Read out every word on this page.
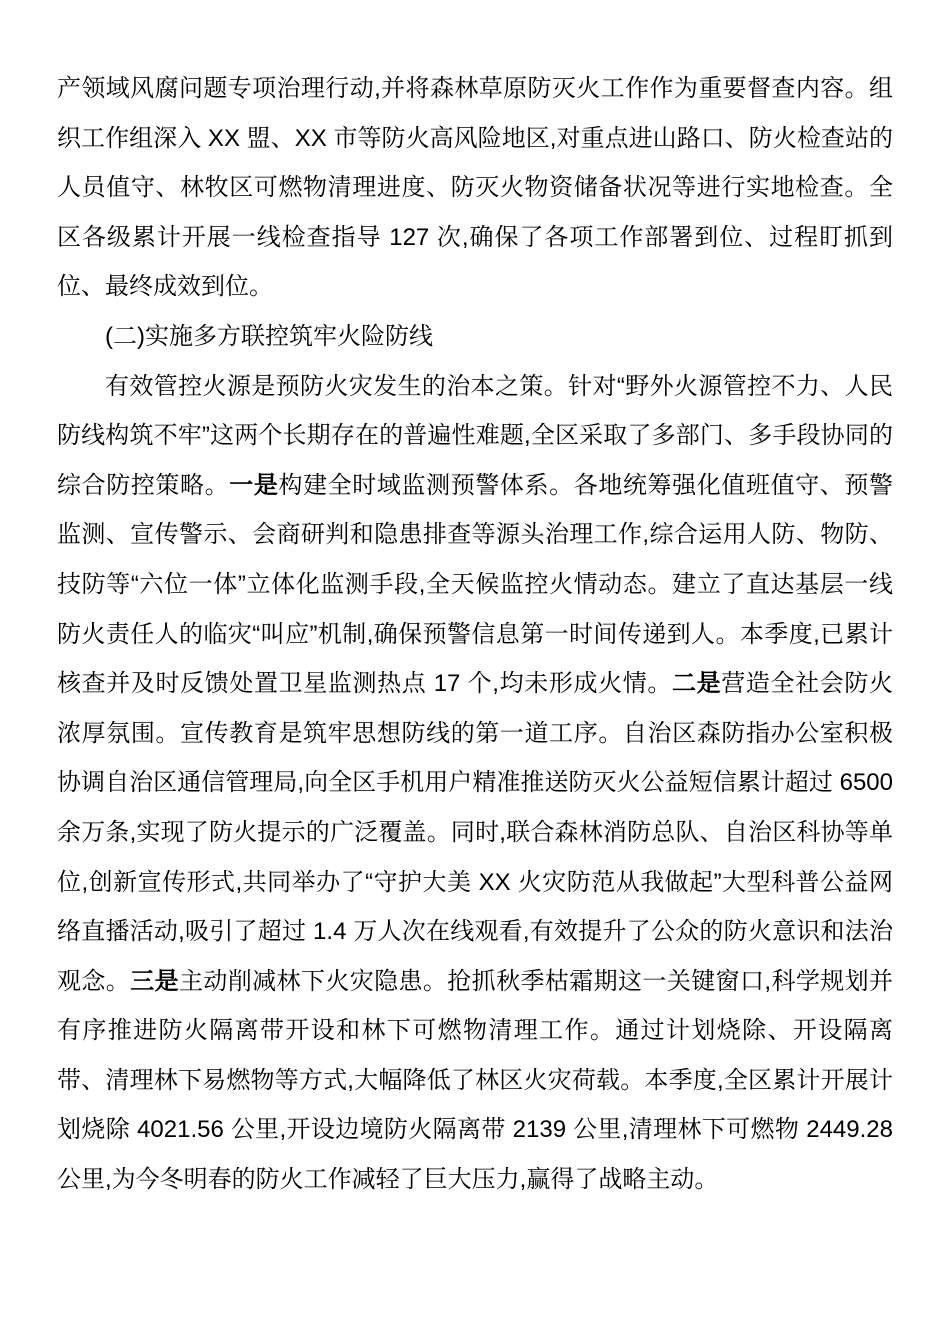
产领域风腐问题专项治理行动,并将森林草原防灭火工作作为重要督查内容。组织工作组深入 XX 盟、XX 市等防火高风险地区,对重点进山路口、防火检查站的人员值守、林牧区可燃物清理进度、防灭火物资储备状况等进行实地检查。全区各级累计开展一线检查指导 127 次,确保了各项工作部署到位、过程盯抓到位、最终成效到位。

(二)实施多方联控筑牢火险防线

有效管控火源是预防火灾发生的治本之策。针对“野外火源管控不力、人民防线构筑不牢”这两个长期存在的普遍性难题,全区采取了多部门、多手段协同的综合防控策略。一是构建全时域监测预警体系。各地统筹强化值班值守、预警监测、宣传警示、会商研判和隐患排查等源头治理工作,综合运用人防、物防、技防等“六位一体”立体化监测手段,全天候监控火情动态。建立了直达基层一线防火责任人的临灾“叫应”机制,确保预警信息第一时间传递到人。本季度,已累计核查并及时反馈处置卫星监测热点 17 个,均未形成火情。二是营造全社会防火浓厚氛围。宣传教育是筑牢思想防线的第一道工序。自治区森防指办公室积极协调自治区通信管理局,向全区手机用户精准推送防灭火公益短信累计超过 6500 余万条,实现了防火提示的广泛覆盖。同时,联合森林消防总队、自治区科协等单位,创新宣传形式,共同举办了“守护大美 XX 火灾防范从我做起”大型科普公益网络直播活动,吸引了超过 1.4 万人次在线观看,有效提升了公众的防火意识和法治观念。三是主动削减林下火灾隐患。抢抓秋季枯霜期这一关键窗口,科学规划并有序推进防火隔离带开设和林下可燃物清理工作。通过计划烧除、开设隔离带、清理林下易燃物等方式,大幅降低了林区火灾荷载。本季度,全区累计开展计划烧除 4021.56 公里,开设边境防火隔离带 2139 公里,清理林下可燃物 2449.28 公里,为今冬明春的防火工作减轻了巨大压力,赢得了战略主动。
